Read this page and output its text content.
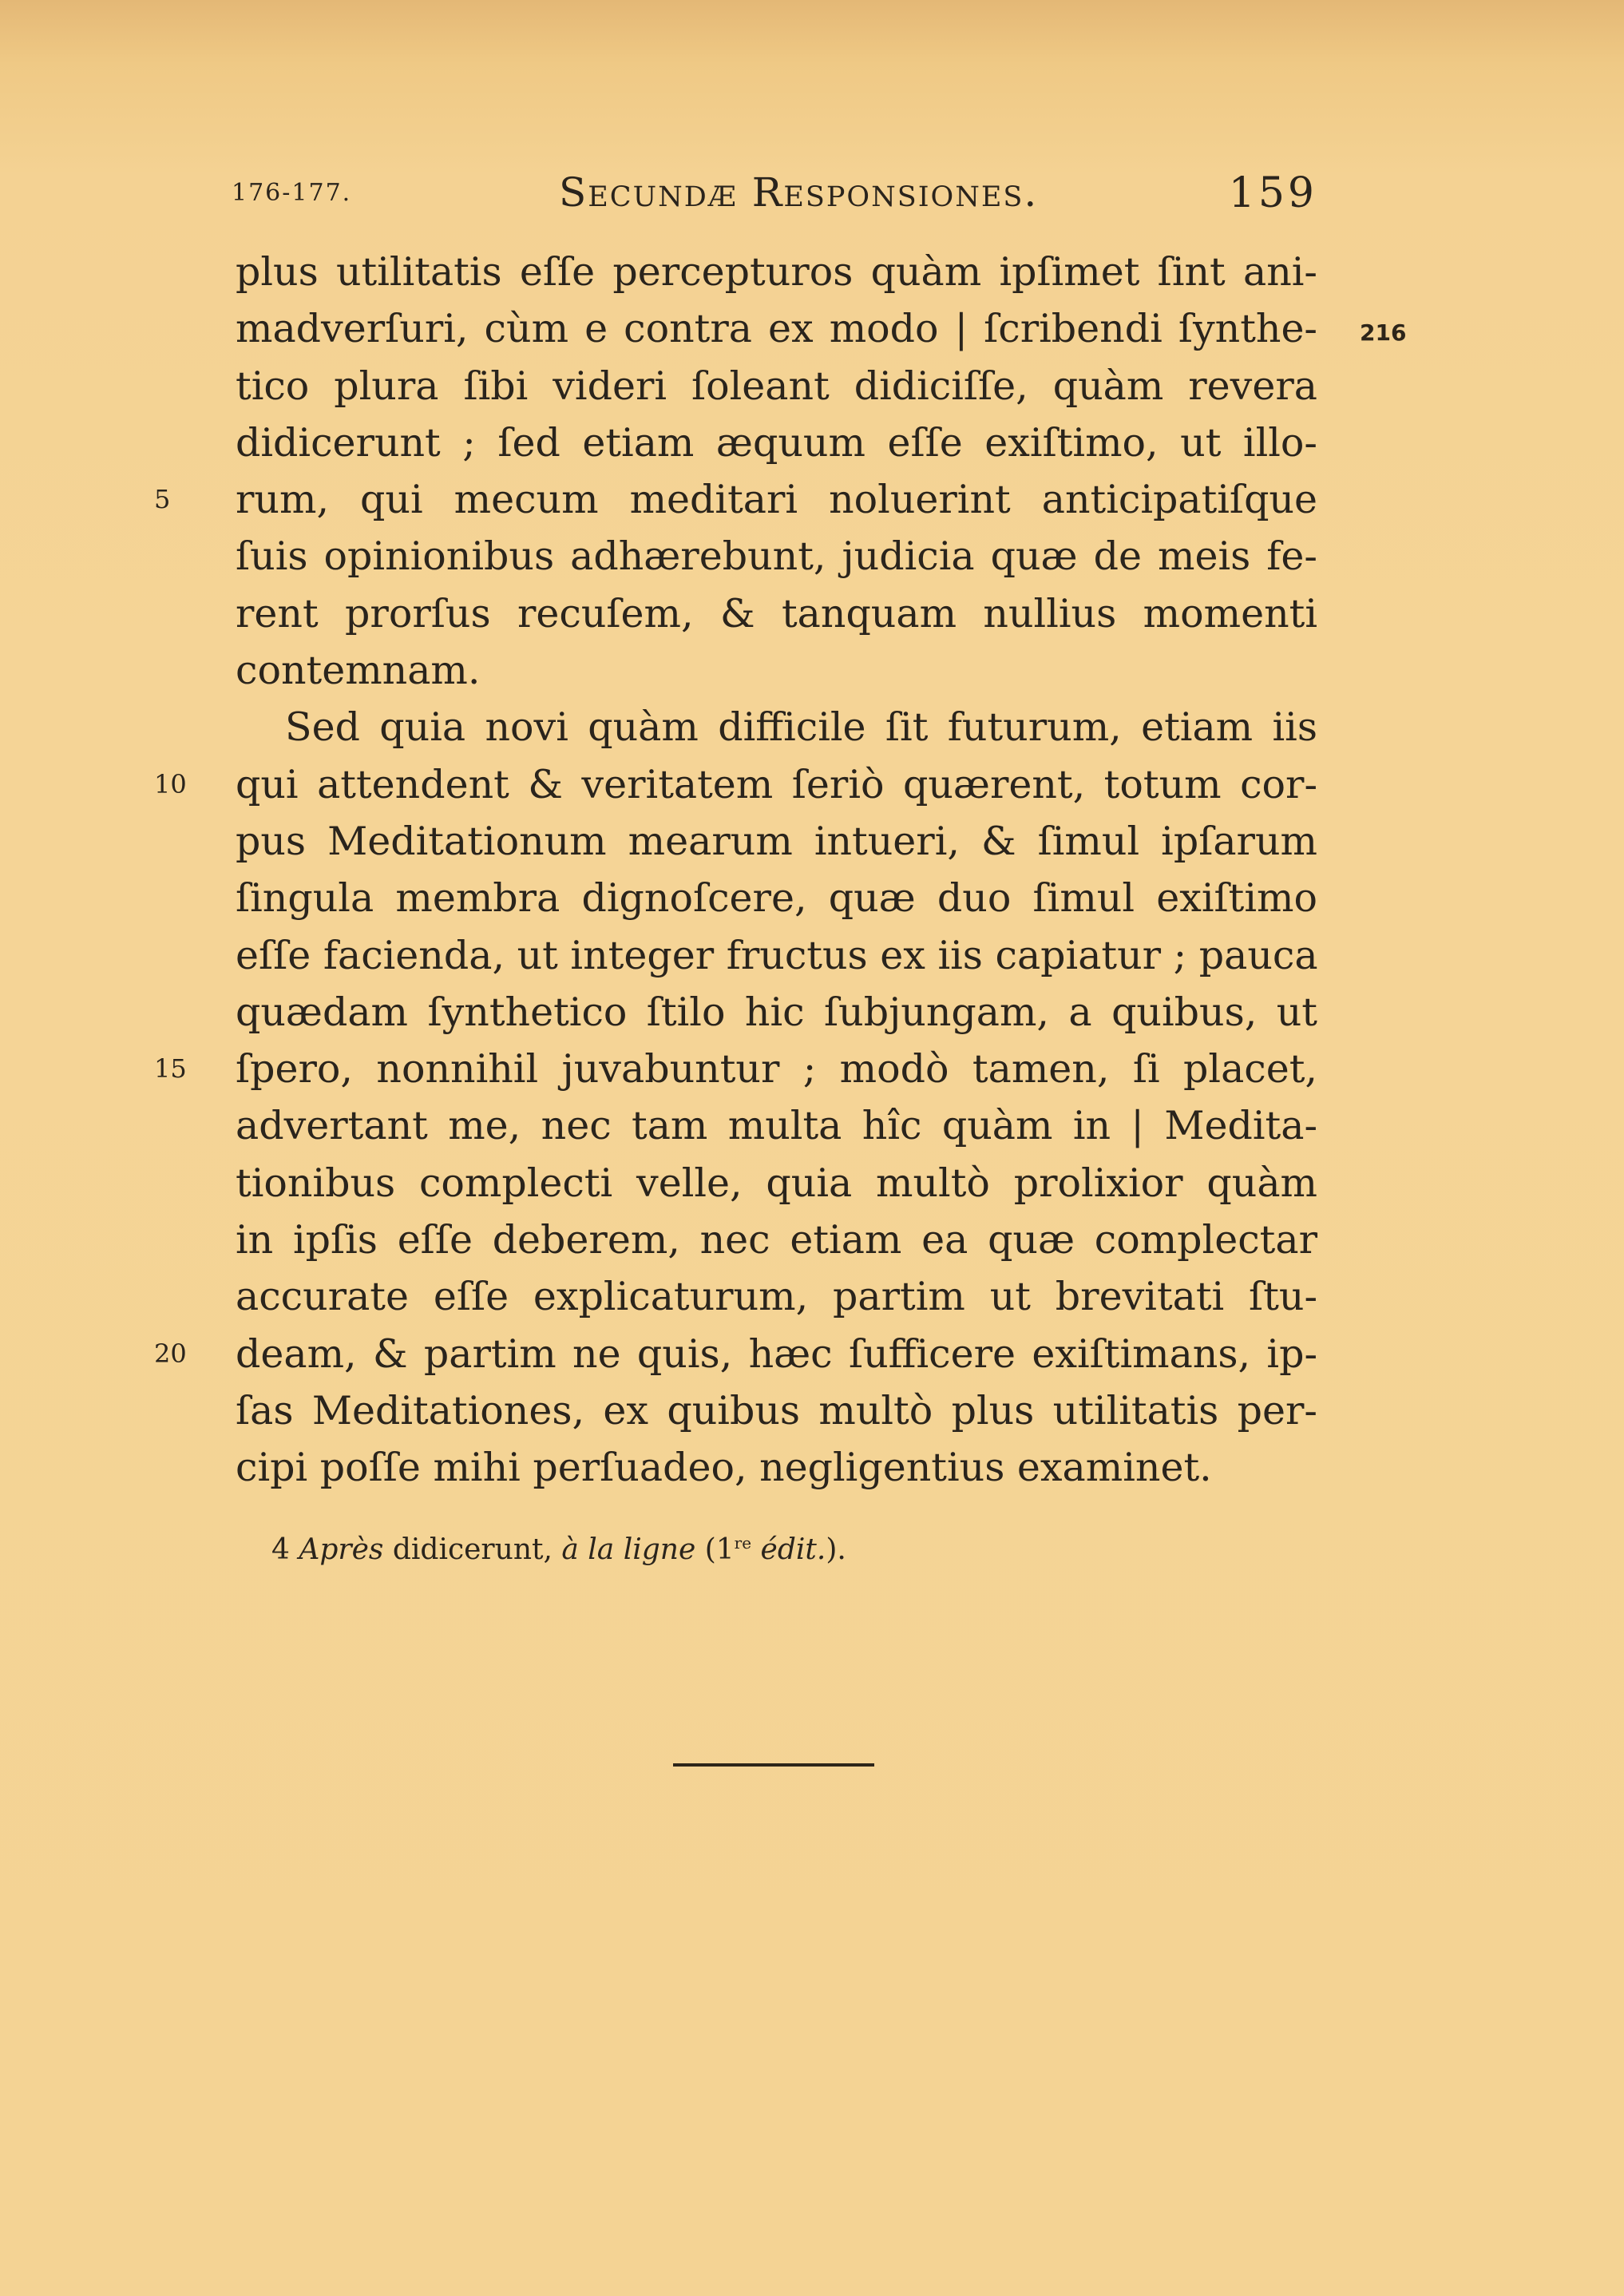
176-177.	Secundæ Responsiones.	159
216
plus utilitatis eſſe percepturos quàm ipſimet ſint ani-
madverſuri, cùm e contra ex modo | ſcribendi ſynthe-
tico plura ſibi videri ſoleant didiciſſe, quàm revera
didicerunt ; ſed etiam æquum eſſe exiſtimo, ut illo-
5	rum, qui mecum meditari noluerint anticipatiſque
ſuis opinionibus adhærebunt, judicia quæ de meis fe-
rent prorſus recuſem, & tanquam nullius momenti
contemnam.
Sed quia novi quàm difficile ſit futurum, etiam iis
10	qui attendent & veritatem ſeriò quærent, totum cor-
pus Meditationum mearum intueri, & ſimul ipſarum
ſingula membra dignoſcere, quæ duo ſimul exiſtimo
eſſe facienda, ut integer fructus ex iis capiatur ; pauca
quædam ſynthetico ſtilo hic ſubjungam, a quibus, ut
15	ſpero, nonnihil juvabuntur ; modò tamen, ſi placet,
advertant me, nec tam multa hîc quàm in | Medita-
tionibus complecti velle, quia multò prolixior quàm
in ipſis eſſe deberem, nec etiam ea quæ complectar
accurate eſſe explicaturum, partim ut brevitati ſtu-
20	deam, & partim ne quis, hæc ſufficere exiſtimans, ip-
ſas Meditationes, ex quibus multò plus utilitatis per-
cipi poſſe mihi perſuadeo, negligentius examinet.
4 Après didicerunt, à la ligne (1re édit.).
